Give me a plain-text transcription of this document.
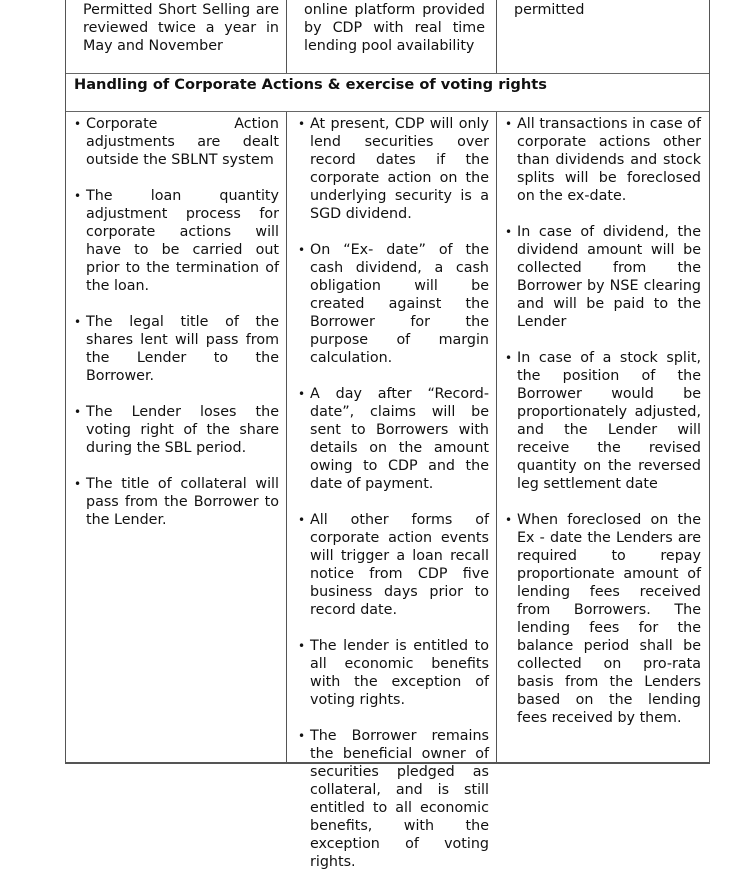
Permitted Short Selling are reviewed twice a year in May and November
online platform provided by CDP with real time lending pool availability
permitted
Handling of Corporate Actions & exercise of voting rights
• Corporate Action adjustments are dealt outside the SBLNT system
• The loan quantity adjustment process for corporate actions will have to be carried out prior to the termination of the loan.
• The legal title of the shares lent will pass from the Lender to the Borrower.
• The Lender loses the voting right of the share during the SBL period.
• The title of collateral will pass from the Borrower to the Lender.
• At present, CDP will only lend securities over record dates if the corporate action on the underlying security is a SGD dividend.
• On “Ex- date” of the cash dividend, a cash obligation will be created against the Borrower for the purpose of margin calculation.
• A day after “Record-date”, claims will be sent to Borrowers with details on the amount owing to CDP and the date of payment.
• All other forms of corporate action events will trigger a loan recall notice from CDP five business days prior to record date.
• The lender is entitled to all economic benefits with the exception of voting rights.
• The Borrower remains the beneficial owner of securities pledged as collateral, and is still entitled to all economic benefits, with the exception of voting rights.
• All transactions in case of corporate actions other than dividends and stock splits will be foreclosed on the ex-date.
• In case of dividend, the dividend amount will be collected from the Borrower by NSE clearing and will be paid to the Lender
• In case of a stock split, the position of the Borrower would be proportionately adjusted, and the Lender will receive the revised quantity on the reversed leg settlement date
• When foreclosed on the Ex - date the Lenders are required to repay proportionate amount of lending fees received from Borrowers. The lending fees for the balance period shall be collected on pro-rata basis from the Lenders based on the lending fees received by them.
